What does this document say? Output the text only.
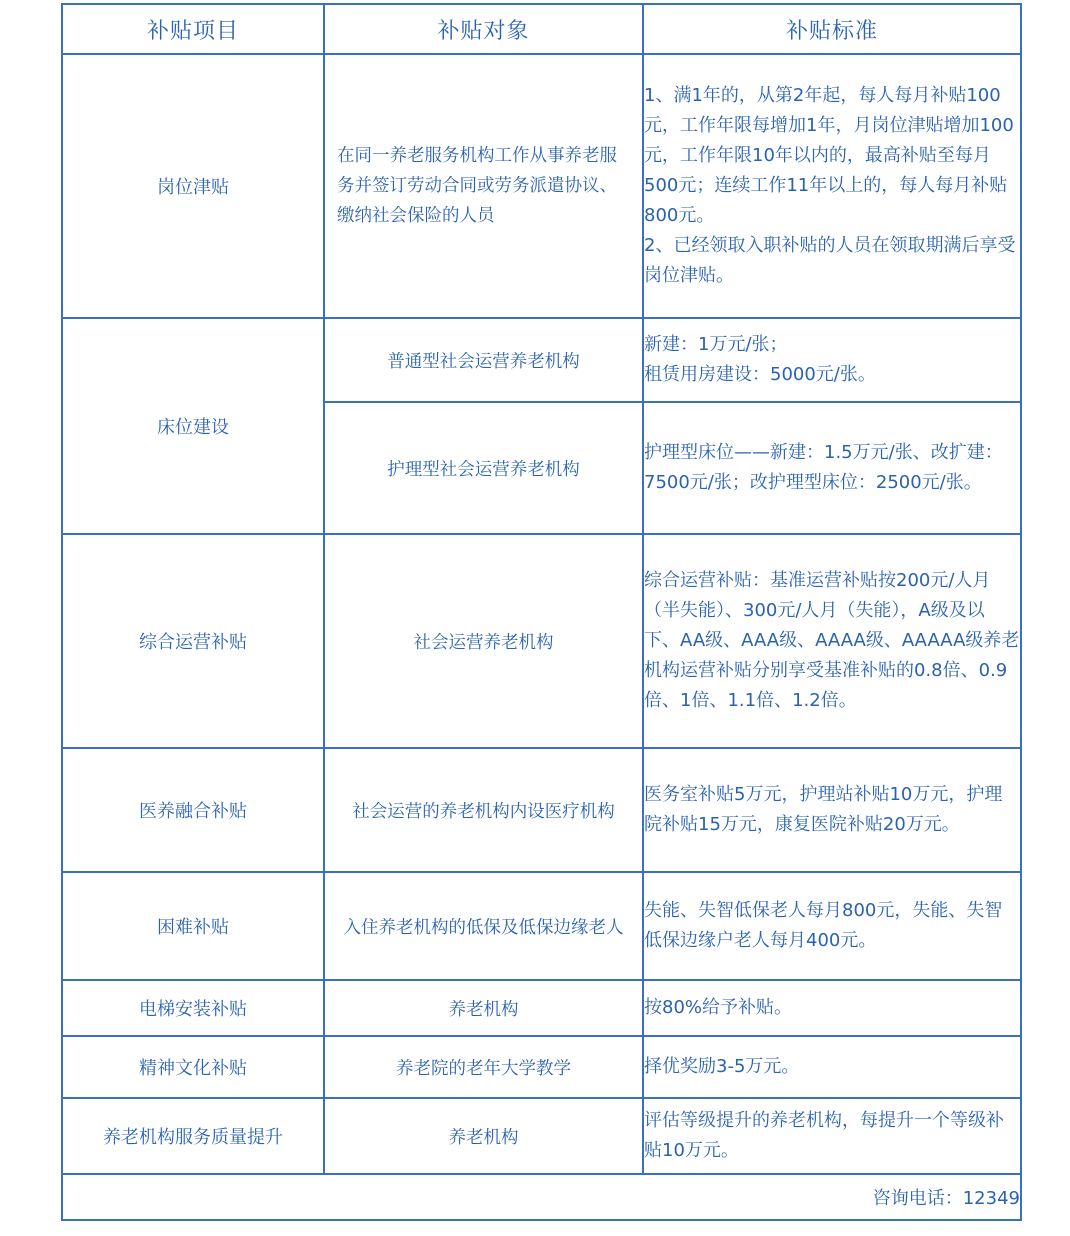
补贴项目	补贴对象	补贴标准
岗位津贴	在同一养老服务机构工作从事养老服务并签订劳动合同或劳务派遣协议、缴纳社会保险的人员	1、满1年的，从第2年起，每人每月补贴100元，工作年限每增加1年，月岗位津贴增加100元，工作年限10年以内的，最高补贴至每月500元；连续工作11年以上的，每人每月补贴800元。
2、已经领取入职补贴的人员在领取期满后享受岗位津贴。

床位建设	普通型社会运营养老机构	新建：1万元/张；
租赁用房建设：5000元/张。

	护理型社会运营养老机构	护理型床位——新建：1.5万元/张、改扩建：7500元/张；改护理型床位：2500元/张。

综合运营补贴	社会运营养老机构	综合运营补贴：基准运营补贴按200元/人月（半失能）、300元/人月（失能），A级及以下、AA级、AAA级、AAAA级、AAAAA级养老机构运营补贴分别享受基准补贴的0.8倍、0.9倍、1倍、1.1倍、1.2倍。

医养融合补贴	社会运营的养老机构内设医疗机构	医务室补贴5万元，护理站补贴10万元，护理院补贴15万元，康复医院补贴20万元。

困难补贴	入住养老机构的低保及低保边缘老人	失能、失智低保老人每月800元，失能、失智低保边缘户老人每月400元。

电梯安装补贴	养老机构	按80%给予补贴。

精神文化补贴	养老院的老年大学教学	择优奖励3-5万元。

养老机构服务质量提升	养老机构	评估等级提升的养老机构，每提升一个等级补贴10万元。

咨询电话：12349		
